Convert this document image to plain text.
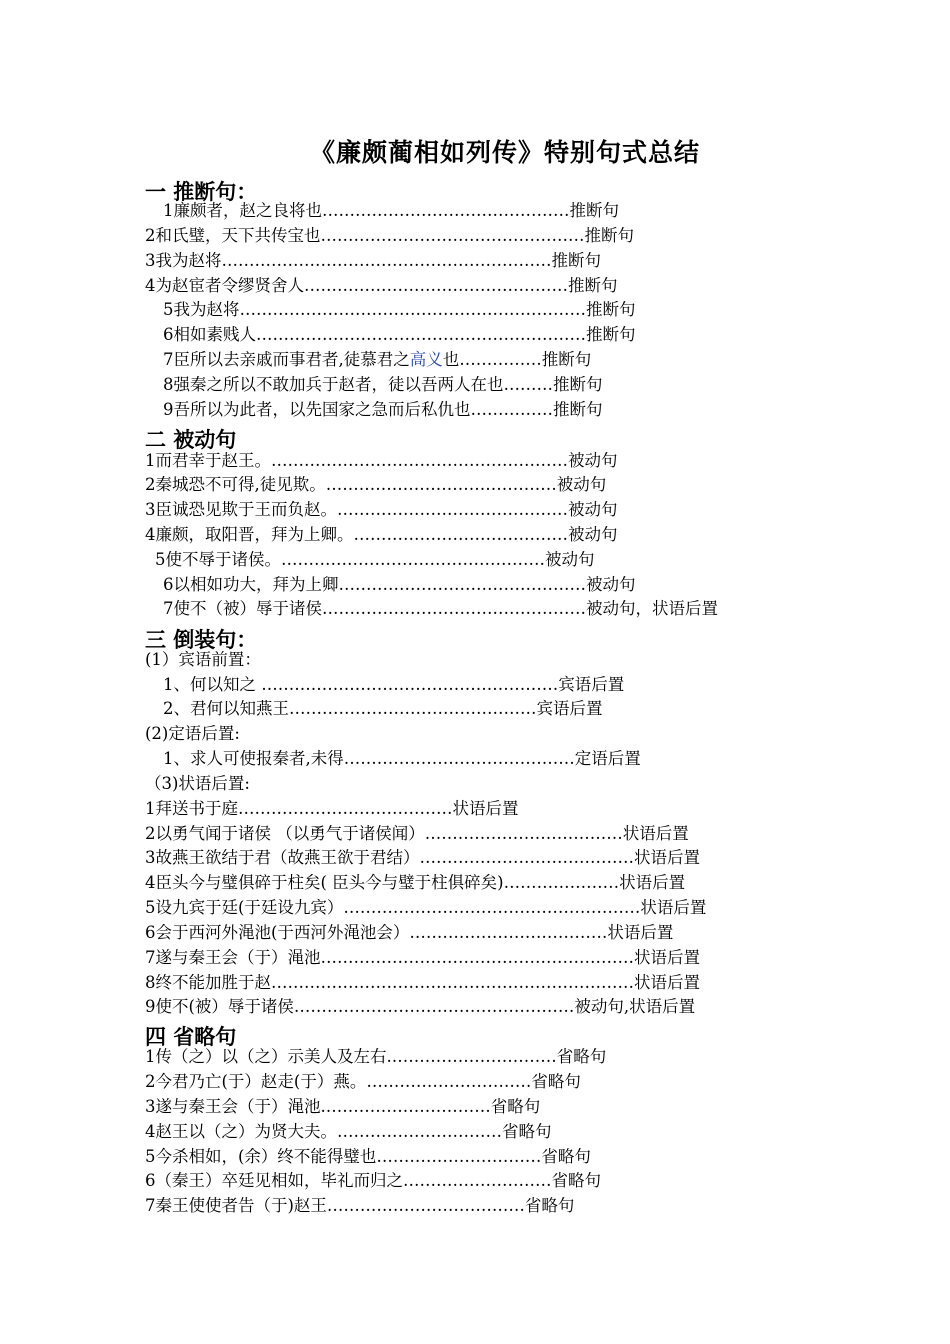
《廉颇蔺相如列传》特别句式总结
一 推断句：
1廉颇者，赵之良将也………………………………………推断句
2和氏璧，天下共传宝也…………………………………………推断句
3我为赵将……………………………………………………推断句
4为赵宦者令缪贤舍人…………………………………………推断句
5我为赵将………………………………………………………推断句
6相如素贱人……………………………………………………推断句
7臣所以去亲戚而事君者,徒慕君之高义也……………推断句
8强秦之所以不敢加兵于赵者，徒以吾两人在也………推断句
9吾所以为此者，以先国家之急而后私仇也……………推断句
二 被动句
1而君幸于赵王。………………………………………………被动句
2秦城恐不可得,徒见欺。……………………………………被动句
3臣诚恐见欺于王而负赵。……………………………………被动句
4廉颇，取阳晋，拜为上卿。…………………………………被动句
5使不辱于诸侯。…………………………………………被动句
6以相如功大，拜为上卿………………………………………被动句
7使不（被）辱于诸侯…………………………………………被动句，状语后置
三 倒装句：
(1）宾语前置：
1、何以知之 ………………………………………………宾语后置
2、君何以知燕王………………………………………宾语后置
(2)定语后置:
1、求人可使报秦者,未得……………………………………定语后置
（3)状语后置:
1拜送书于庭…………………………………状语后置
2以勇气闻于诸侯 （以勇气于诸侯闻）………………………………状语后置
3故燕王欲结于君（故燕王欲于君结）…………………………………状语后置
4臣头今与璧俱碎于柱矣( 臣头今与璧于柱俱碎矣)…………………状语后置
5设九宾于廷(于廷设九宾）………………………………………………状语后置
6会于西河外渑池(于西河外渑池会）………………………………状语后置
7遂与秦王会（于）渑池…………………………………………………状语后置
8终不能加胜于赵…………………………………………………………状语后置
9使不(被）辱于诸侯……………………………………………被动句,状语后置
四 省略句
1传（之）以（之）示美人及左右.…………………………省略句
2今君乃亡(于）赵走(于）燕。…………………………省略句
3遂与秦王会（于）渑池.…………………………省略句
4赵王以（之）为贤大夫。…………………………省略句
5今杀相如，(余）终不能得璧也…………………………省略句
6（秦王）卒廷见相如，毕礼而归之………………………省略句
7秦王使使者告（于)赵王………………………………省略句
